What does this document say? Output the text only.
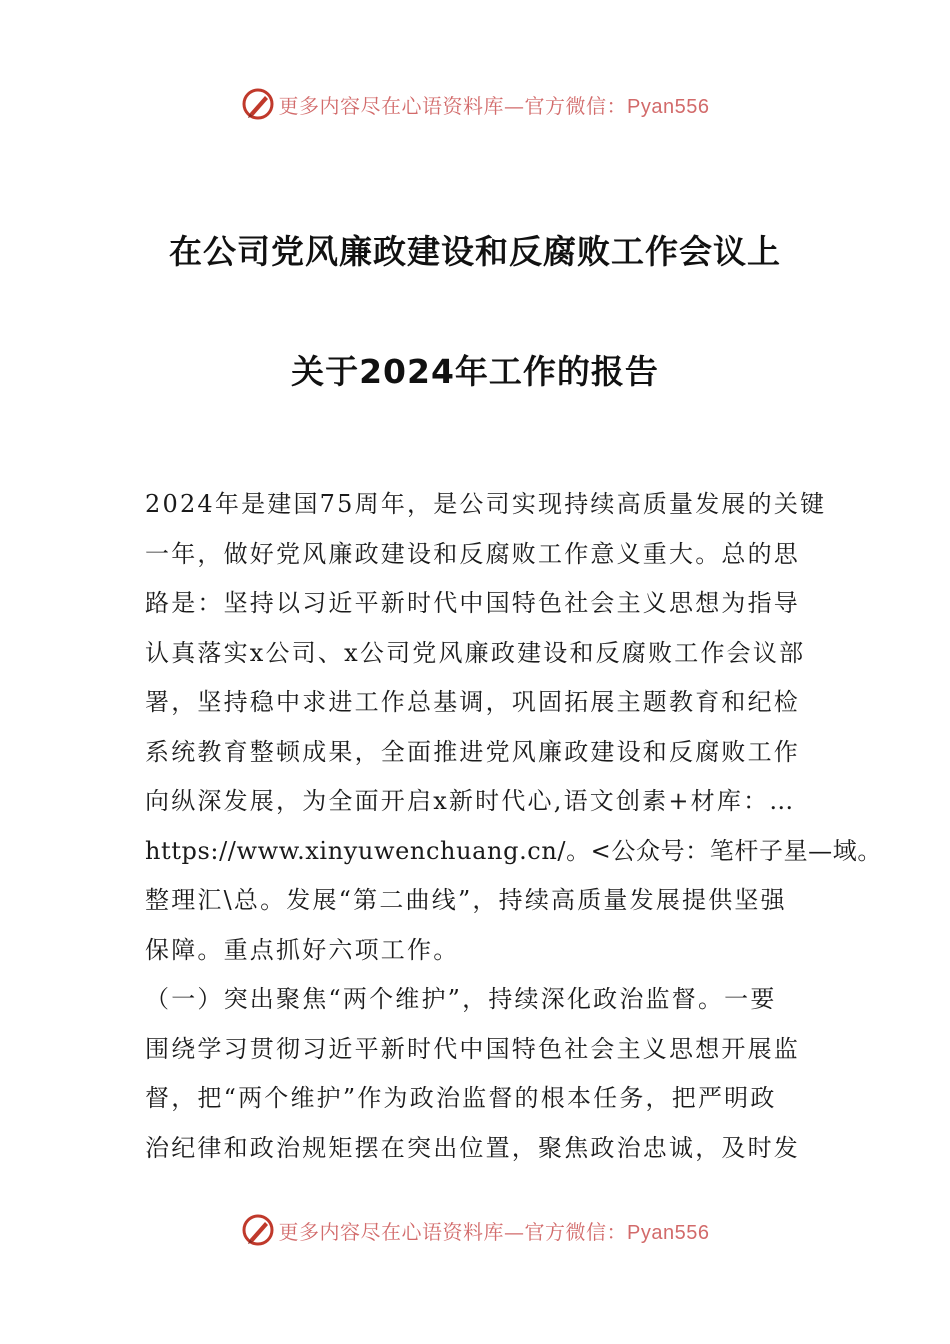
更多内容尽在心语资料库—官方微信：Pyan556
在公司党风廉政建设和反腐败工作会议上
关于2024年工作的报告
2024年是建国75周年，是公司实现持续高质量发展的关键
一年，做好党风廉政建设和反腐败工作意义重大。总的思
路是：坚持以习近平新时代中国特色社会主义思想为指导
认真落实x公司、x公司党风廉政建设和反腐败工作会议部
署，坚持稳中求进工作总基调，巩固拓展主题教育和纪检
系统教育整顿成果，全面推进党风廉政建设和反腐败工作
向纵深发展，为全面开启x新时代心,语文创素+材库：…
https://www.xinyuwenchuang.cn/。<公众号：笔杆子星—域。
整理汇\总。发展“第二曲线”，持续高质量发展提供坚强
保障。重点抓好六项工作。
（一）突出聚焦“两个维护”，持续深化政治监督。一要
围绕学习贯彻习近平新时代中国特色社会主义思想开展监
督，把“两个维护”作为政治监督的根本任务，把严明政
治纪律和政治规矩摆在突出位置，聚焦政治忠诚，及时发
更多内容尽在心语资料库—官方微信：Pyan556
